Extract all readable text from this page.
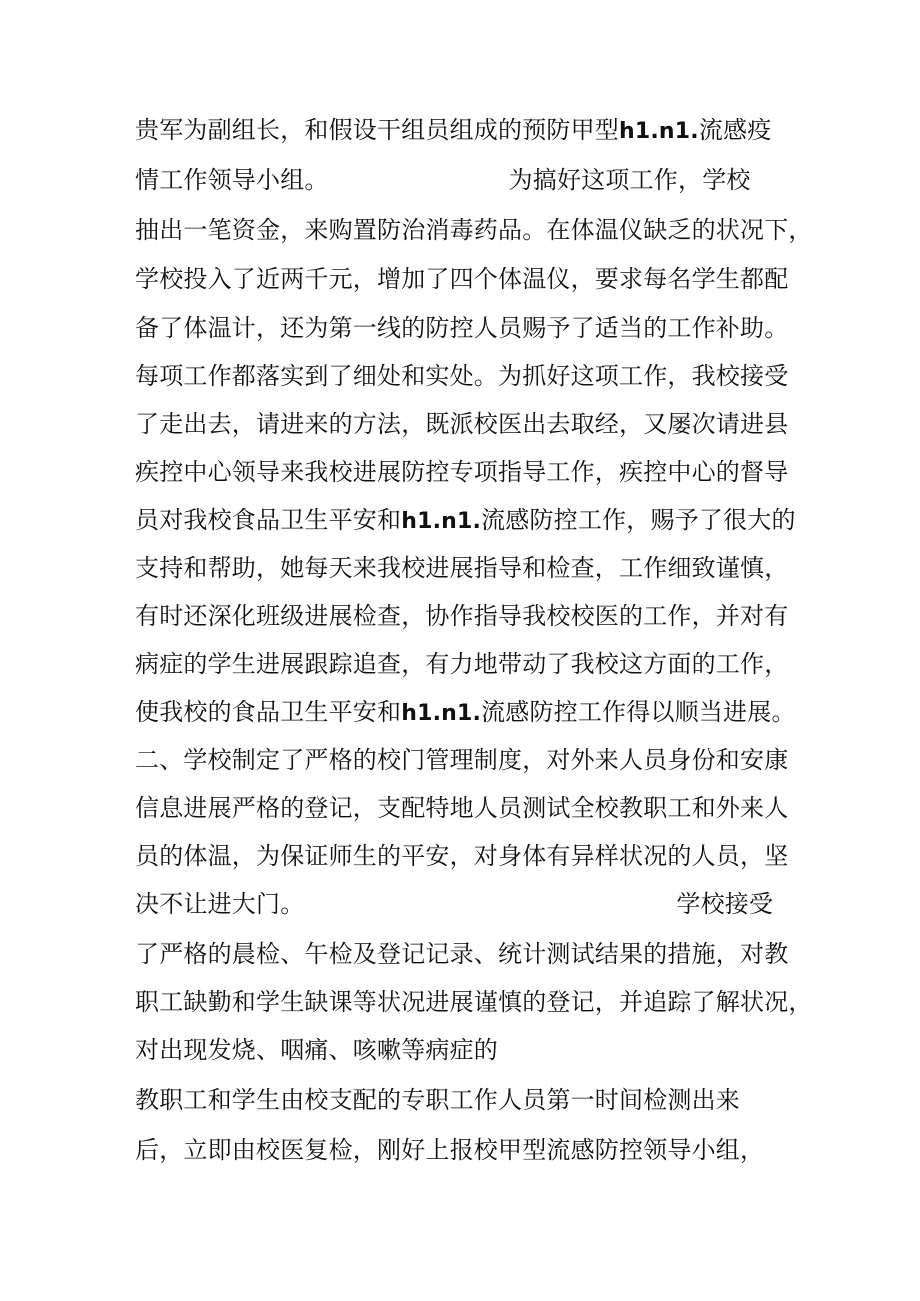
贵军为副组长，和假设干组员组成的预防甲型h1.n1.流感疫
情工作领导小组。	为搞好这项工作，学校
抽出一笔资金，来购置防治消毒药品。在体温仪缺乏的状况下，
学校投入了近两千元，增加了四个体温仪，要求每名学生都配
备了体温计，还为第一线的防控人员赐予了适当的工作补助。
每项工作都落实到了细处和实处。为抓好这项工作，我校接受
了走出去，请进来的方法，既派校医出去取经，又屡次请进县
疾控中心领导来我校进展防控专项指导工作，疾控中心的督导
员对我校食品卫生平安和h1.n1.流感防控工作，赐予了很大的
支持和帮助，她每天来我校进展指导和检查，工作细致谨慎，
有时还深化班级进展检查，协作指导我校校医的工作，并对有
病症的学生进展跟踪追查，有力地带动了我校这方面的工作，
使我校的食品卫生平安和h1.n1.流感防控工作得以顺当进展。
二、学校制定了严格的校门管理制度，对外来人员身份和安康
信息进展严格的登记，支配特地人员测试全校教职工和外来人
员的体温，为保证师生的平安，对身体有异样状况的人员，坚
决不让进大门。	学校接受
了严格的晨检、午检及登记记录、统计测试结果的措施，对教
职工缺勤和学生缺课等状况进展谨慎的登记，并追踪了解状况，
对出现发烧、咽痛、咳嗽等病症的
教职工和学生由校支配的专职工作人员第一时间检测出来
后，立即由校医复检，刚好上报校甲型流感防控领导小组，
